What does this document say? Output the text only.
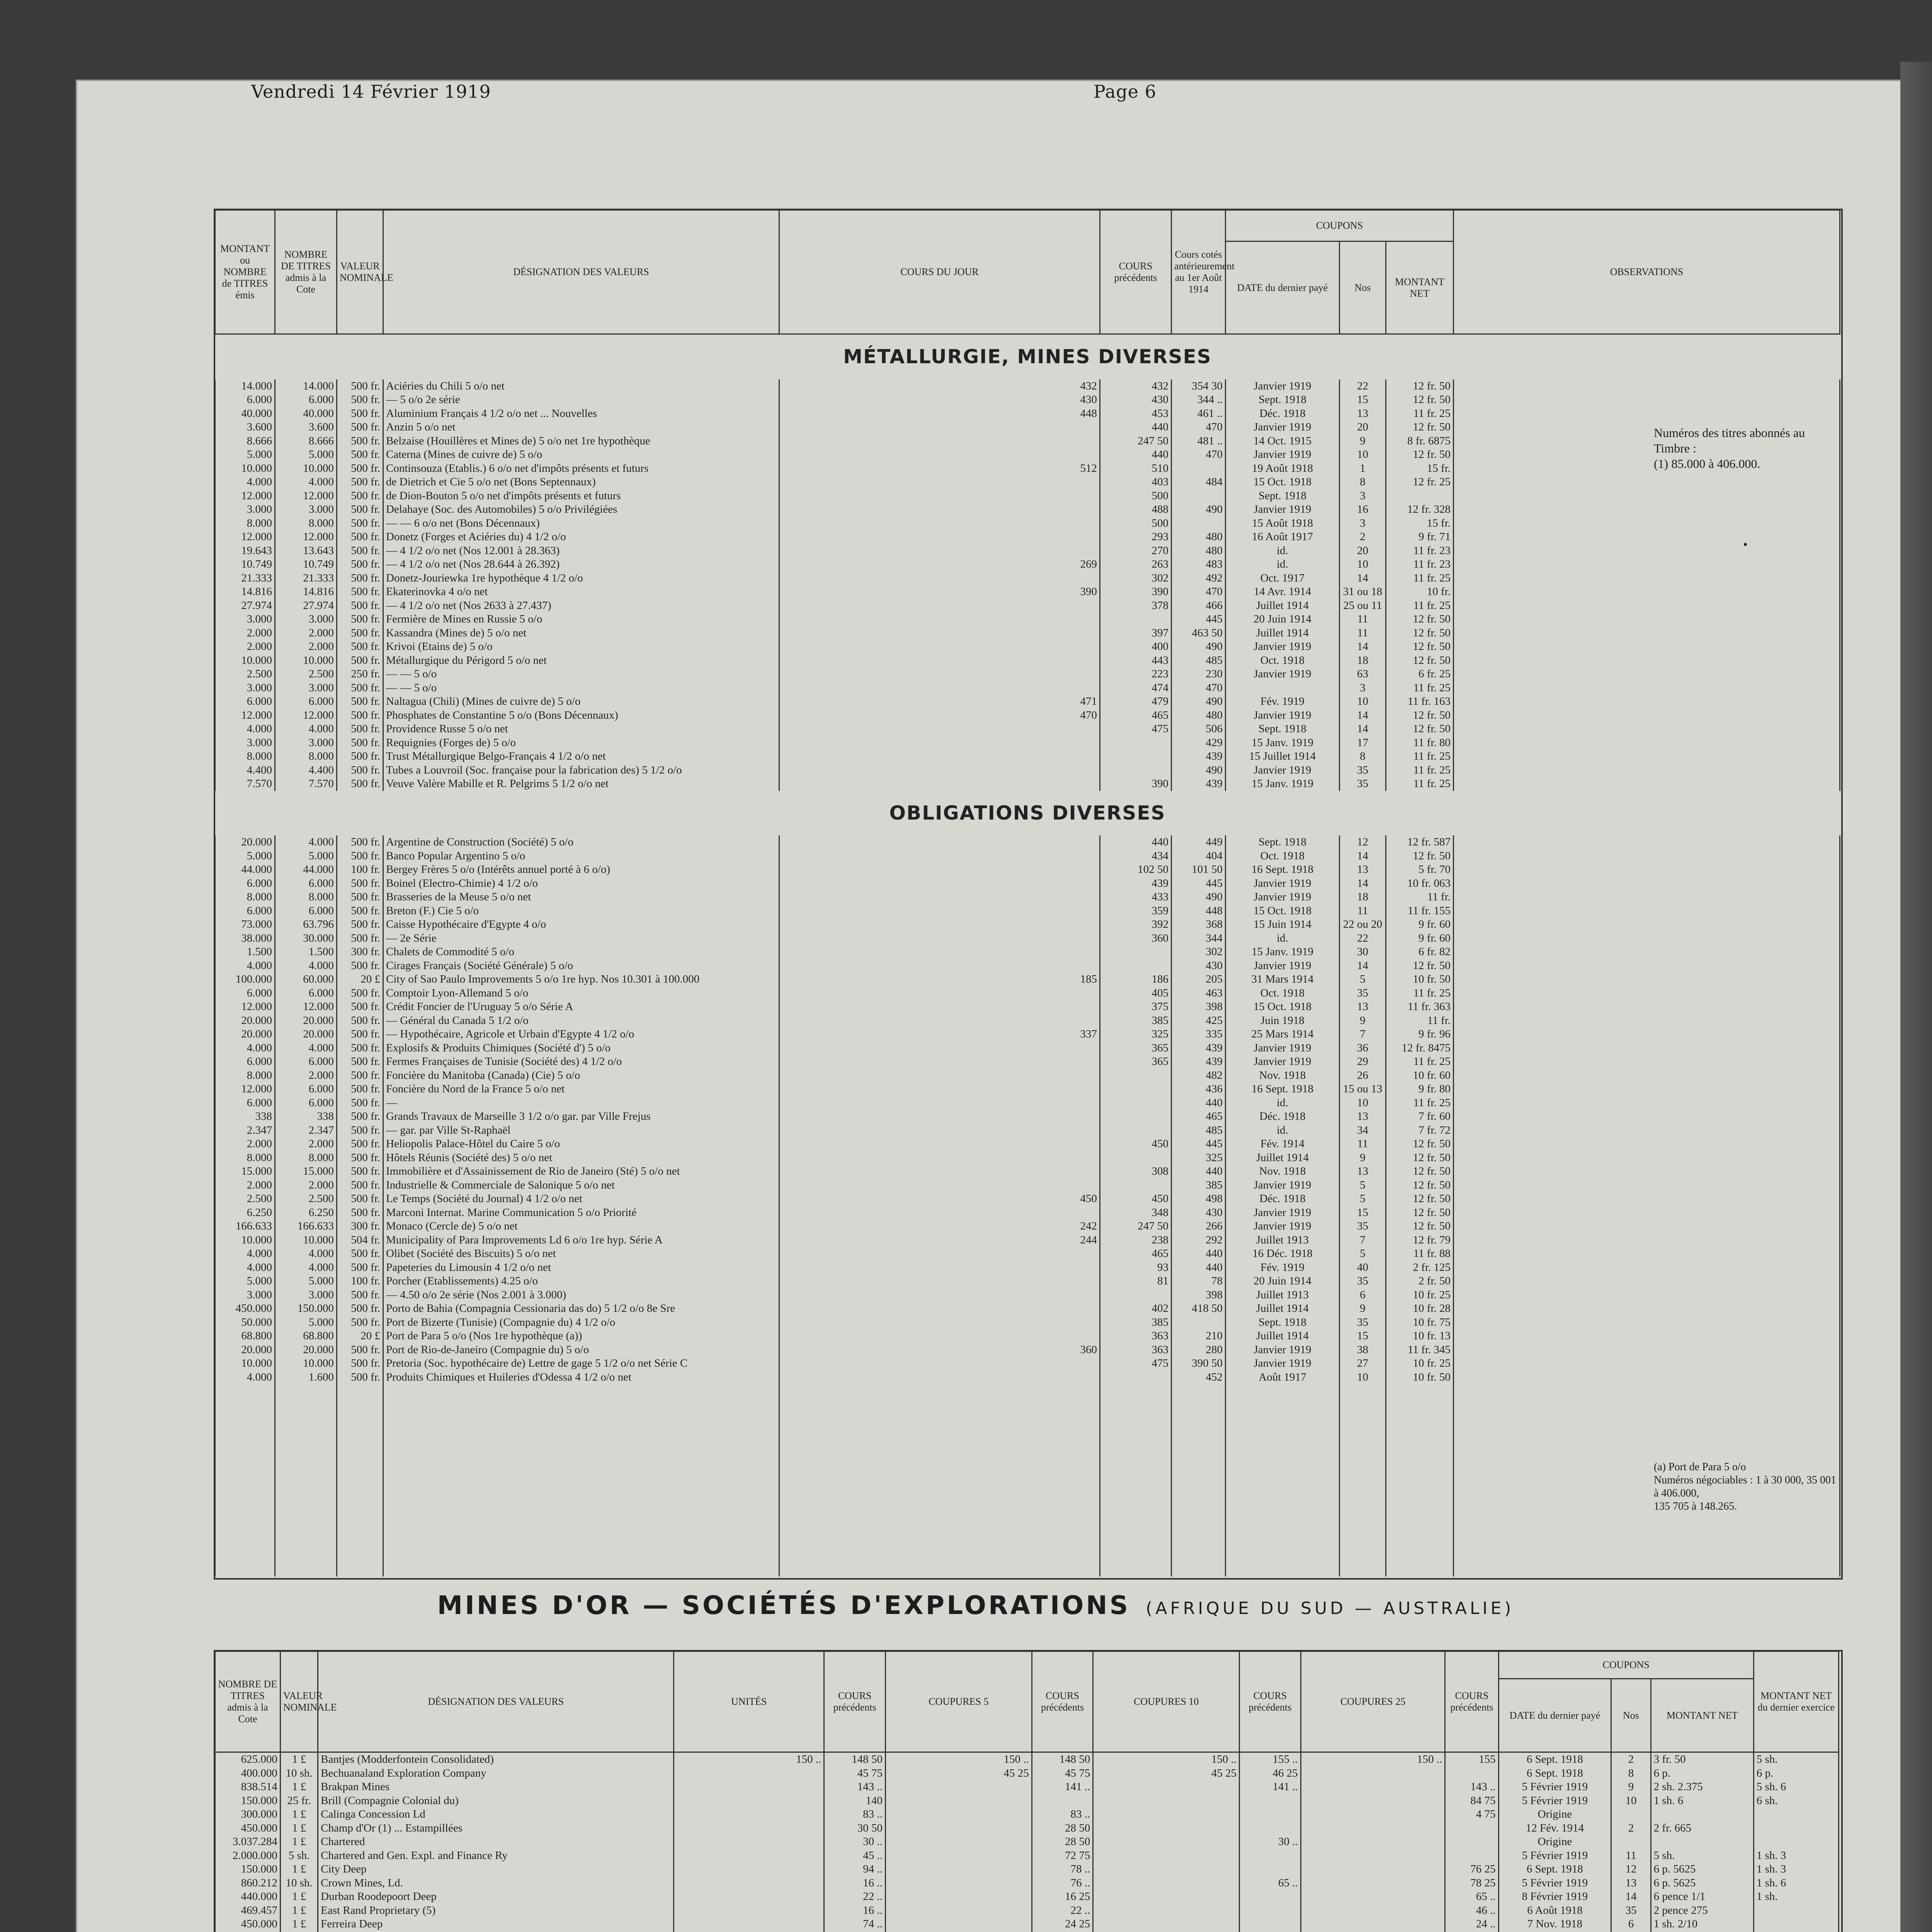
Vendredi 14 Février 1919	Page 6
MONTANT ou NOMBRE de TITRES émis	NOMBRE DE TITRES admis à la Cote	VALEUR NOMINALE	DÉSIGNATION DES VALEURS	COURS DU JOUR	COURS précédents	Cours cotés antérieurement au 1er Août 1914	COUPONS			OBSERVATIONS
							DATE du dernier payé	Nos	MONTANT NET	
MÉTALLURGIE, MINES DIVERSES										
14.000	14.000	500 fr.	Aciéries du Chili 5 o/o net	432	432	354 30	Janvier 1919	22	12 fr. 50	
6.000	6.000	500 fr.	— 5 o/o 2e série	430	430	344 ..	Sept. 1918	15	12 fr. 50	
40.000	40.000	500 fr.	Aluminium Français 4 1/2 o/o net ... Nouvelles	448	453	461 ..	Déc. 1918	13	11 fr. 25	
3.600	3.600	500 fr.	Anzin 5 o/o net		440	470	Janvier 1919	20	12 fr. 50	
8.666	8.666	500 fr.	Belzaise (Houillères et Mines de) 5 o/o net 1re hypothèque		247 50	481 ..	14 Oct. 1915	9	8 fr. 6875	
5.000	5.000	500 fr.	Caterna (Mines de cuivre de) 5 o/o		440	470	Janvier 1919	10	12 fr. 50	
10.000	10.000	500 fr.	Continsouza (Etablis.) 6 o/o net d'impôts présents et futurs	512	510		19 Août 1918	1	15 fr.	
4.000	4.000	500 fr.	de Dietrich et Cie 5 o/o net (Bons Septennaux)		403	484	15 Oct. 1918	8	12 fr. 25	
12.000	12.000	500 fr.	de Dion-Bouton 5 o/o net d'impôts présents et futurs		500		Sept. 1918	3		
3.000	3.000	500 fr.	Delahaye (Soc. des Automobiles) 5 o/o Privilégiées		488	490	Janvier 1919	16	12 fr. 328	
8.000	8.000	500 fr.	— — 6 o/o net (Bons Décennaux)		500		15 Août 1918	3	15 fr.	
12.000	12.000	500 fr.	Donetz (Forges et Aciéries du) 4 1/2 o/o		293	480	16 Août 1917	2	9 fr. 71	
19.643	13.643	500 fr.	— 4 1/2 o/o net (Nos 12.001 à 28.363)		270	480	id.	20	11 fr. 23	
10.749	10.749	500 fr.	— 4 1/2 o/o net (Nos 28.644 à 26.392)	269	263	483	id.	10	11 fr. 23	
21.333	21.333	500 fr.	Donetz-Jouriewka 1re hypothèque 4 1/2 o/o		302	492	Oct. 1917	14	11 fr. 25	
14.816	14.816	500 fr.	Ekaterinovka 4 o/o net	390	390	470	14 Avr. 1914	31 ou 18	10 fr.	
27.974	27.974	500 fr.	— 4 1/2 o/o net (Nos 2633 à 27.437)		378	466	Juillet 1914	25 ou 11	11 fr. 25	
3.000	3.000	500 fr.	Fermière de Mines en Russie 5 o/o			445	20 Juin 1914	11	12 fr. 50	
2.000	2.000	500 fr.	Kassandra (Mines de) 5 o/o net		397	463 50	Juillet 1914	11	12 fr. 50	
2.000	2.000	500 fr.	Krivoi (Etains de) 5 o/o		400	490	Janvier 1919	14	12 fr. 50	
10.000	10.000	500 fr.	Métallurgique du Périgord 5 o/o net		443	485	Oct. 1918	18	12 fr. 50	
2.500	2.500	250 fr.	— — 5 o/o		223	230	Janvier 1919	63	6 fr. 25	
3.000	3.000	500 fr.	— — 5 o/o		474	470		3	11 fr. 25	
6.000	6.000	500 fr.	Naltagua (Chili) (Mines de cuivre de) 5 o/o	471	479	490	Fév. 1919	10	11 fr. 163	
12.000	12.000	500 fr.	Phosphates de Constantine 5 o/o (Bons Décennaux)	470	465	480	Janvier 1919	14	12 fr. 50	
4.000	4.000	500 fr.	Providence Russe 5 o/o net		475	506	Sept. 1918	14	12 fr. 50	
3.000	3.000	500 fr.	Requignies (Forges de) 5 o/o			429	15 Janv. 1919	17	11 fr. 80	
8.000	8.000	500 fr.	Trust Métallurgique Belgo-Français 4 1/2 o/o net			439	15 Juillet 1914	8	11 fr. 25	
4.400	4.400	500 fr.	Tubes a Louvroil (Soc. française pour la fabrication des) 5 1/2 o/o			490	Janvier 1919	35	11 fr. 25	
7.570	7.570	500 fr.	Veuve Valère Mabille et R. Pelgrims 5 1/2 o/o net		390	439	15 Janv. 1919	35	11 fr. 25	
OBLIGATIONS DIVERSES										
20.000	4.000	500 fr.	Argentine de Construction (Société) 5 o/o		440	449	Sept. 1918	12	12 fr. 587	
5.000	5.000	500 fr.	Banco Popular Argentino 5 o/o		434	404	Oct. 1918	14	12 fr. 50	
44.000	44.000	100 fr.	Bergey Frères 5 o/o (Intérêts annuel porté à 6 o/o)		102 50	101 50	16 Sept. 1918	13	5 fr. 70	
6.000	6.000	500 fr.	Boinel (Electro-Chimie) 4 1/2 o/o		439	445	Janvier 1919	14	10 fr. 063	
8.000	8.000	500 fr.	Brasseries de la Meuse 5 o/o net		433	490	Janvier 1919	18	11 fr.	
6.000	6.000	500 fr.	Breton (F.) Cie 5 o/o		359	448	15 Oct. 1918	11	11 fr. 155	
73.000	63.796	500 fr.	Caisse Hypothécaire d'Egypte 4 o/o		392	368	15 Juin 1914	22 ou 20	9 fr. 60	
38.000	30.000	500 fr.	— 2e Série		360	344	id.	22	9 fr. 60	
1.500	1.500	300 fr.	Chalets de Commodité 5 o/o			302	15 Janv. 1919	30	6 fr. 82	
4.000	4.000	500 fr.	Cirages Français (Société Générale) 5 o/o			430	Janvier 1919	14	12 fr. 50	
100.000	60.000	20 £	City of Sao Paulo Improvements 5 o/o 1re hyp. Nos 10.301 à 100.000	185	186	205	31 Mars 1914	5	10 fr. 50	
6.000	6.000	500 fr.	Comptoir Lyon-Allemand 5 o/o		405	463	Oct. 1918	35	11 fr. 25	
12.000	12.000	500 fr.	Crédit Foncier de l'Uruguay 5 o/o Série A		375	398	15 Oct. 1918	13	11 fr. 363	
20.000	20.000	500 fr.	— Général du Canada 5 1/2 o/o		385	425	Juin 1918	9	11 fr.	
20.000	20.000	500 fr.	— Hypothécaire, Agricole et Urbain d'Egypte 4 1/2 o/o	337	325	335	25 Mars 1914	7	9 fr. 96	
4.000	4.000	500 fr.	Explosifs & Produits Chimiques (Société d') 5 o/o		365	439	Janvier 1919	36	12 fr. 8475	
6.000	6.000	500 fr.	Fermes Françaises de Tunisie (Société des) 4 1/2 o/o		365	439	Janvier 1919	29	11 fr. 25	
8.000	2.000	500 fr.	Foncière du Manitoba (Canada) (Cie) 5 o/o			482	Nov. 1918	26	10 fr. 60	
12.000	6.000	500 fr.	Foncière du Nord de la France 5 o/o net			436	16 Sept. 1918	15 ou 13	9 fr. 80	
6.000	6.000	500 fr.	—			440	id.	10	11 fr. 25	
338	338	500 fr.	Grands Travaux de Marseille 3 1/2 o/o gar. par Ville Frejus			465	Déc. 1918	13	7 fr. 60	
2.347	2.347	500 fr.	— gar. par Ville St-Raphaël			485	id.	34	7 fr. 72	
2.000	2.000	500 fr.	Heliopolis Palace-Hôtel du Caire 5 o/o		450	445	Fév. 1914	11	12 fr. 50	
8.000	8.000	500 fr.	Hôtels Réunis (Société des) 5 o/o net			325	Juillet 1914	9	12 fr. 50	
15.000	15.000	500 fr.	Immobilière et d'Assainissement de Rio de Janeiro (Sté) 5 o/o net		308	440	Nov. 1918	13	12 fr. 50	
2.000	2.000	500 fr.	Industrielle & Commerciale de Salonique 5 o/o net			385	Janvier 1919	5	12 fr. 50	
2.500	2.500	500 fr.	Le Temps (Société du Journal) 4 1/2 o/o net	450	450	498	Déc. 1918	5	12 fr. 50	
6.250	6.250	500 fr.	Marconi Internat. Marine Communication 5 o/o Priorité		348	430	Janvier 1919	15	12 fr. 50	
166.633	166.633	300 fr.	Monaco (Cercle de) 5 o/o net	242	247 50	266	Janvier 1919	35	12 fr. 50	
10.000	10.000	504 fr.	Municipality of Para Improvements Ld 6 o/o 1re hyp. Série A	244	238	292	Juillet 1913	7	12 fr. 79	
4.000	4.000	500 fr.	Olibet (Société des Biscuits) 5 o/o net		465	440	16 Déc. 1918	5	11 fr. 88	
4.000	4.000	500 fr.	Papeteries du Limousin 4 1/2 o/o net		93	440	Fév. 1919	40	2 fr. 125	
5.000	5.000	100 fr.	Porcher (Etablissements) 4.25 o/o		81	78	20 Juin 1914	35	2 fr. 50	
3.000	3.000	500 fr.	— 4.50 o/o 2e série (Nos 2.001 à 3.000)			398	Juillet 1913	6	10 fr. 25	
450.000	150.000	500 fr.	Porto de Bahia (Compagnia Cessionaria das do) 5 1/2 o/o 8e Sre		402	418 50	Juillet 1914	9	10 fr. 28	
50.000	5.000	500 fr.	Port de Bizerte (Tunisie) (Compagnie du) 4 1/2 o/o		385		Sept. 1918	35	10 fr. 75	
68.800	68.800	20 £	Port de Para 5 o/o (Nos 1re hypothèque (a))		363	210	Juillet 1914	15	10 fr. 13	
20.000	20.000	500 fr.	Port de Rio-de-Janeiro (Compagnie du) 5 o/o	360	363	280	Janvier 1919	38	11 fr. 345	
10.000	10.000	500 fr.	Pretoria (Soc. hypothécaire de) Lettre de gage 5 1/2 o/o net Série C		475	390 50	Janvier 1919	27	10 fr. 25	
4.000	1.600	500 fr.	Produits Chimiques et Huileries d'Odessa 4 1/2 o/o net			452	Août 1917	10	10 fr. 50	

Numéros des titres abonnés au Timbre :
(1) 85.000 à 406.000.
(a) Port de Para 5 o/o
Numéros négociables : 1 à 30 000, 35 001 à 406.000,
135 705 à 148.265.
MINES D'OR — SOCIÉTÉS D'EXPLORATIONS (AFRIQUE DU SUD — AUSTRALIE)
NOMBRE DE TITRES admis à la Cote	VALEUR NOMINALE	DÉSIGNATION DES VALEURS	UNITÉS	COURS précédents	COUPURES 5	COURS précédents	COUPURES 10	COURS précédents	COUPURES 25	COURS précédents	COUPONS			MONTANT NET du dernier exercice
											DATE du dernier payé	Nos	MONTANT NET	
625.000	1 £	Bantjes (Modderfontein Consolidated)	150 ..	148 50	150 ..	148 50	150 ..	155 ..	150 ..	155	6 Sept. 1918	2	3 fr. 50	5 sh.
400.000	10 sh.	Bechuanaland Exploration Company		45 75	45 25	45 75	45 25	46 25			6 Sept. 1918	8	6 p.	6 p.
838.514	1 £	Brakpan Mines		143 ..		141 ..		141 ..		143 ..	5 Février 1919	9	2 sh. 2.375	5 sh. 6
150.000	25 fr.	Brill (Compagnie Colonial du)		140						84 75	5 Février 1919	10	1 sh. 6	6 sh.
300.000	1 £	Calinga Concession Ld		83 ..		83 ..				4 75	Origine			
450.000	1 £	Champ d'Or (1) ... Estampillées		30 50		28 50					12 Fév. 1914	2	2 fr. 665	
3.037.284	1 £	Chartered		30 ..		28 50		30 ..			Origine			
2.000.000	5 sh.	Chartered and Gen. Expl. and Finance Ry		45 ..		72 75					5 Février 1919	11	5 sh.	1 sh. 3
150.000	1 £	City Deep		94 ..		78 ..				76 25	6 Sept. 1918	12	6 p. 5625	1 sh. 3
860.212	10 sh.	Crown Mines, Ld.		16 ..		76 ..		65 ..		78 25	5 Février 1919	13	6 p. 5625	1 sh. 6
440.000	1 £	Durban Roodepoort Deep		22 ..		16 25				65 ..	8 Février 1919	14	6 pence 1/1	1 sh.
469.457	1 £	East Rand Proprietary (5)		16 ..		22 ..				46 ..	6 Août 1918	35	2 pence 275	
450.000	1 £	Ferreira Deep		74 ..		24 25				24 ..	7 Nov. 1918	6	1 sh. 2/10	
